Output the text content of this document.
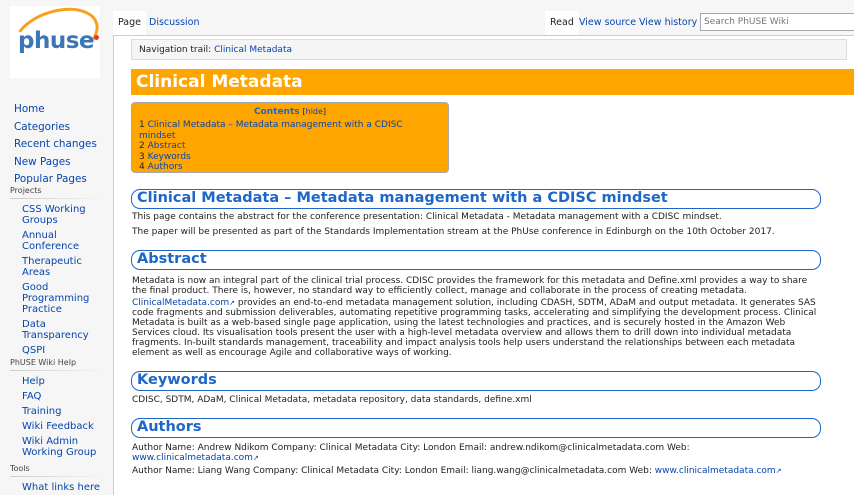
phuse
Home
Categories
Recent changes
New Pages
Popular Pages
Projects
CSS Working Groups
Annual Conference
Therapeutic Areas
Good Programming Practice
Data Transparency
QSPI
PhUSE Wiki Help
Help
FAQ
Training
Wiki Feedback
Wiki Admin Working Group
Tools
What links here
Page Discussion	Read View source View history
Search PhUSE Wiki
Navigation trail: Clinical Metadata
Clinical Metadata
Contents [hide]
1 Clinical Metadata – Metadata management with a CDISC mindset
2 Abstract
3 Keywords
4 Authors
Clinical Metadata – Metadata management with a CDISC mindset
This page contains the abstract for the conference presentation: Clinical Metadata - Metadata management with a CDISC mindset.
The paper will be presented as part of the Standards Implementation stream at the PhUse conference in Edinburgh on the 10th October 2017.
Abstract
Metadata is now an integral part of the clinical trial process. CDISC provides the framework for this metadata and Define.xml provides a way to share the final product. There is, however, no standard way to efficiently collect, manage and collaborate in the process of creating metadata.
ClinicalMetadata.com ↗ provides an end-to-end metadata management solution, including CDASH, SDTM, ADaM and output metadata. It generates SAS code fragments and submission deliverables, automating repetitive programming tasks, accelerating and simplifying the development process. Clinical Metadata is built as a web-based single page application, using the latest technologies and practices, and is securely hosted in the Amazon Web Services cloud. Its visualisation tools present the user with a high-level metadata overview and allows them to drill down into individual metadata fragments. In-built standards management, traceability and impact analysis tools help users understand the relationships between each metadata element as well as encourage Agile and collaborative ways of working.
Keywords
CDISC, SDTM, ADaM, Clinical Metadata, metadata repository, data standards, define.xml
Authors
Author Name: Andrew Ndikom Company: Clinical Metadata City: London Email: andrew.ndikom@clinicalmetadata.com Web:
www.clinicalmetadata.com ↗
Author Name: Liang Wang Company: Clinical Metadata City: London Email: liang.wang@clinicalmetadata.com Web: www.clinicalmetadata.com ↗
